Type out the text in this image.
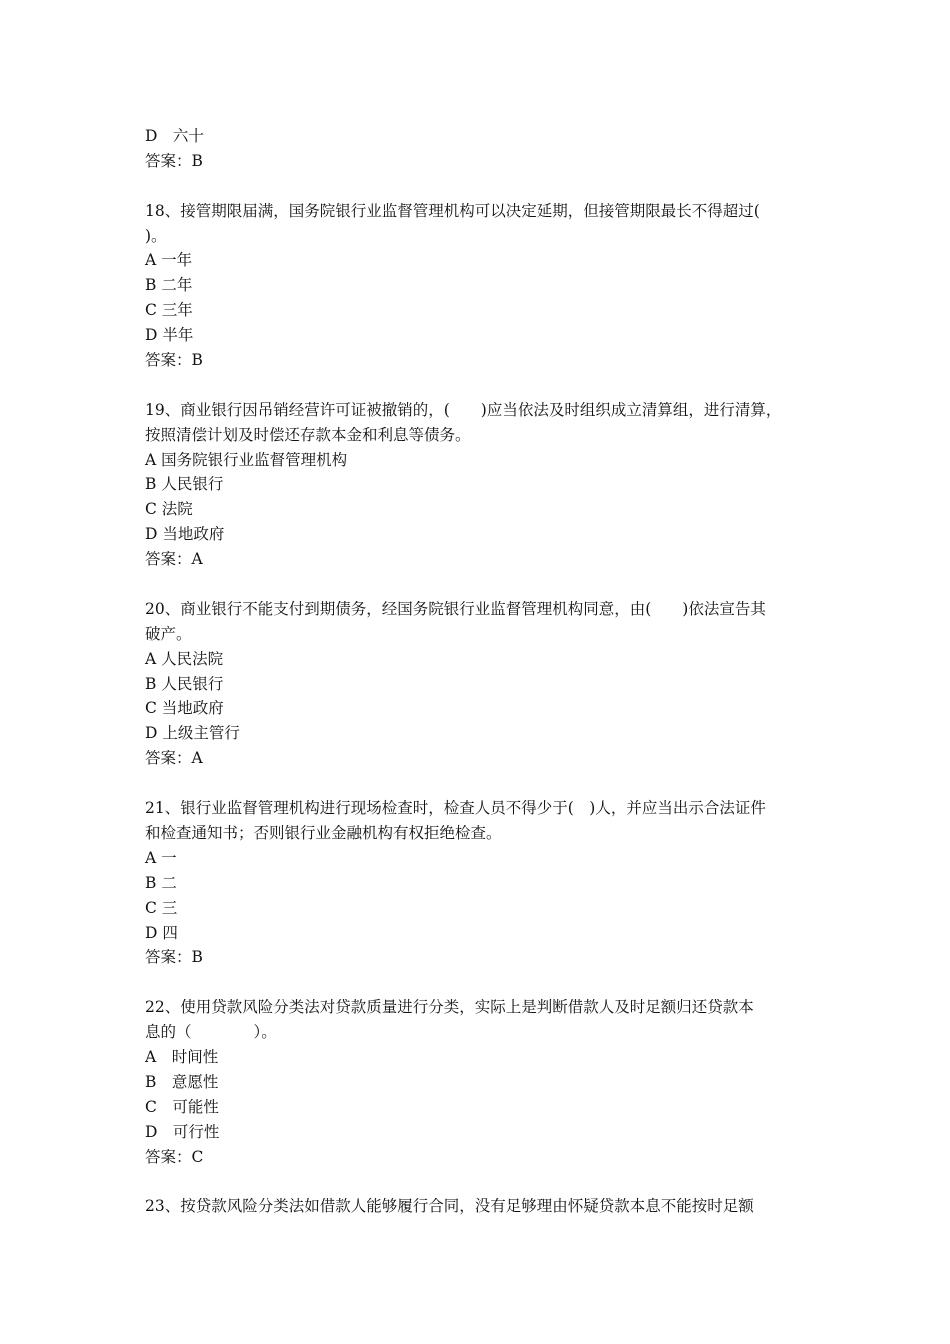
D　六十
答案：B
18、接管期限届满，国务院银行业监督管理机构可以决定延期，但接管期限最长不得超过(
)。
A 一年
B 二年
C 三年
D 半年
答案：B
19、商业银行因吊销经营许可证被撤销的，(　　)应当依法及时组织成立清算组，进行清算，
按照清偿计划及时偿还存款本金和利息等债务。
A 国务院银行业监督管理机构
B 人民银行
C 法院
D 当地政府
答案：A
20、商业银行不能支付到期债务，经国务院银行业监督管理机构同意，由(　　)依法宣告其
破产。
A 人民法院
B 人民银行
C 当地政府
D 上级主管行
答案：A
21、银行业监督管理机构进行现场检查时，检查人员不得少于(　)人，并应当出示合法证件
和检查通知书；否则银行业金融机构有权拒绝检查。
A 一
B 二
C 三
D 四
答案：B
22、使用贷款风险分类法对贷款质量进行分类，实际上是判断借款人及时足额归还贷款本
息的（　　　　）。
A　时间性
B　意愿性
C　可能性
D　可行性
答案：C
23、按贷款风险分类法如借款人能够履行合同，没有足够理由怀疑贷款本息不能按时足额
